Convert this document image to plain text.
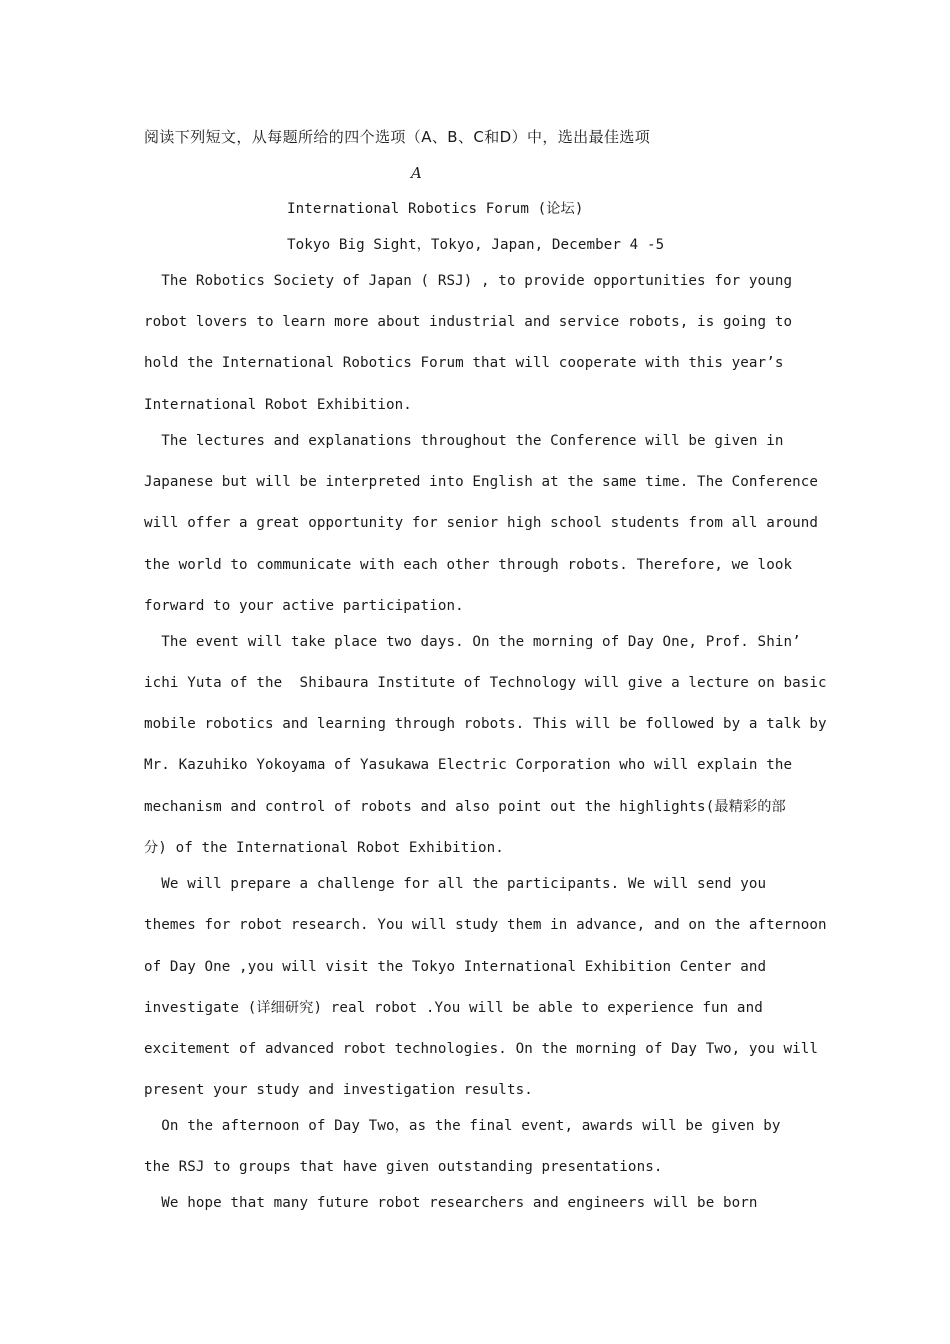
阅读下列短文，从每题所给的四个选项（A、B、C和D）中，选出最佳选项
A
International Robotics Forum (论坛)
Tokyo Big Sight，Tokyo, Japan, December 4 -5
The Robotics Society of Japan ( RSJ) , to provide opportunities for young
robot lovers to learn more about industrial and service robots, is going to
hold the International Robotics Forum that will cooperate with this year’s
International Robot Exhibition.
The lectures and explanations throughout the Conference will be given in
Japanese but will be interpreted into English at the same time. The Conference
will offer a great opportunity for senior high school students from all around
the world to communicate with each other through robots. Therefore, we look
forward to your active participation.
The event will take place two days. On the morning of Day One, Prof. Shin’
ichi Yuta of the  Shibaura Institute of Technology will give a lecture on basic
mobile robotics and learning through robots. This will be followed by a talk by
Mr. Kazuhiko Yokoyama of Yasukawa Electric Corporation who will explain the
mechanism and control of robots and also point out the highlights(最精彩的部
分) of the International Robot Exhibition.
We will prepare a challenge for all the participants. We will send you
themes for robot research. You will study them in advance, and on the afternoon
of Day One ,you will visit the Tokyo International Exhibition Center and
investigate (详细研究) real robot .You will be able to experience fun and
excitement of advanced robot technologies. On the morning of Day Two, you will
present your study and investigation results.
On the afternoon of Day Two，as the final event, awards will be given by
the RSJ to groups that have given outstanding presentations.
We hope that many future robot researchers and engineers will be born
